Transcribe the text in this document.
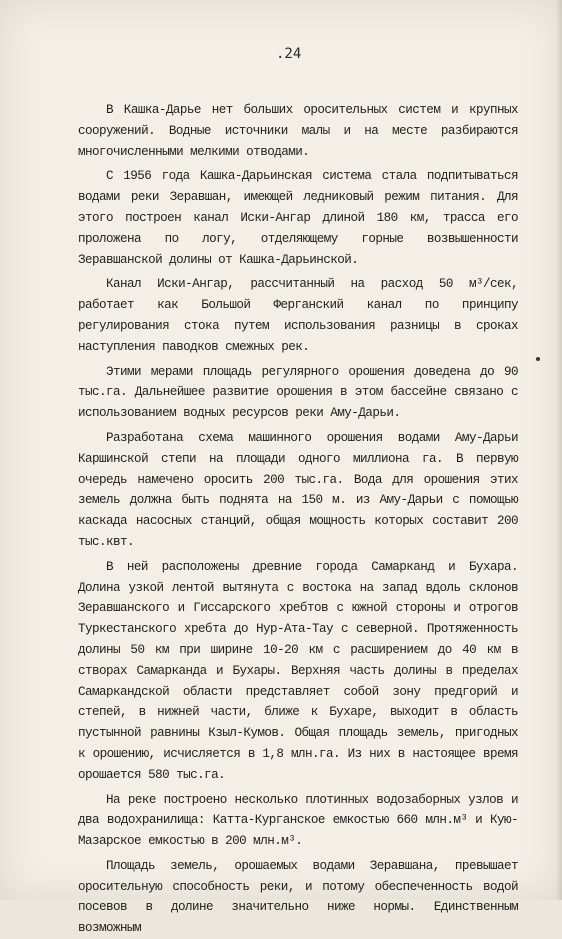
.24

В Кашка-Дарье нет больших оросительных систем и крупных сооружений. Водные источники малы и на месте разбираются многочисленными мелкими отводами.

С 1956 года Кашка-Дарьинская система стала подпитываться водами реки Зеравшан, имеющей ледниковый режим питания. Для этого построен канал Иски-Ангар длиной 180 км, трасса его проложена по логу, отделяющему горные возвышенности Зеравшанской долины от Кашка-Дарьинской.

Канал Иски-Ангар, рассчитанный на расход 50 м³/сек, работает как Большой Ферганский канал по принципу регулирования стока путем использования разницы в сроках наступления паводков смежных рек.

Этими мерами площадь регулярного орошения доведена до 90 тыс.га. Дальнейшее развитие орошения в этом бассейне связано с использованием водных ресурсов реки Аму-Дарьи.

Разработана схема машинного орошения водами Аму-Дарьи Каршинской степи на площади одного миллиона га. В первую очередь намечено оросить 200 тыс.га. Вода для орошения этих земель должна быть поднята на 150 м. из Аму-Дарьи с помощью каскада насосных станций, общая мощность которых составит 200 тыс.квт.

В ней расположены древние города Самарканд и Бухара. Долина узкой лентой вытянута с востока на запад вдоль склонов Зеравшанского и Гиссарского хребтов с южной стороны и отрогов Туркестанского хребта до Нур-Ата-Тау с северной. Протяженность долины 50 км при ширине 10-20 км с расширением до 40 км в створах Самарканда и Бухары. Верхняя часть долины в пределах Самаркандской области представляет собой зону предгорий и степей, в нижней части, ближе к Бухаре, выходит в область пустынной равнины Кзыл-Кумов. Общая площадь земель, пригодных к орошению, исчисляется в 1,8 млн.га. Из них в настоящее время орошается 580 тыс.га.

На реке построено несколько плотинных водозаборных узлов и два водохранилища: Катта-Курганское емкостью 660 млн.м³ и Кую-Мазарское емкостью в 200 млн.м³.

Площадь земель, орошаемых водами Зеравшана, превышает оросительную способность реки, и потому обеспеченность водой посевов в долине значительно ниже нормы. Единственным возможным
